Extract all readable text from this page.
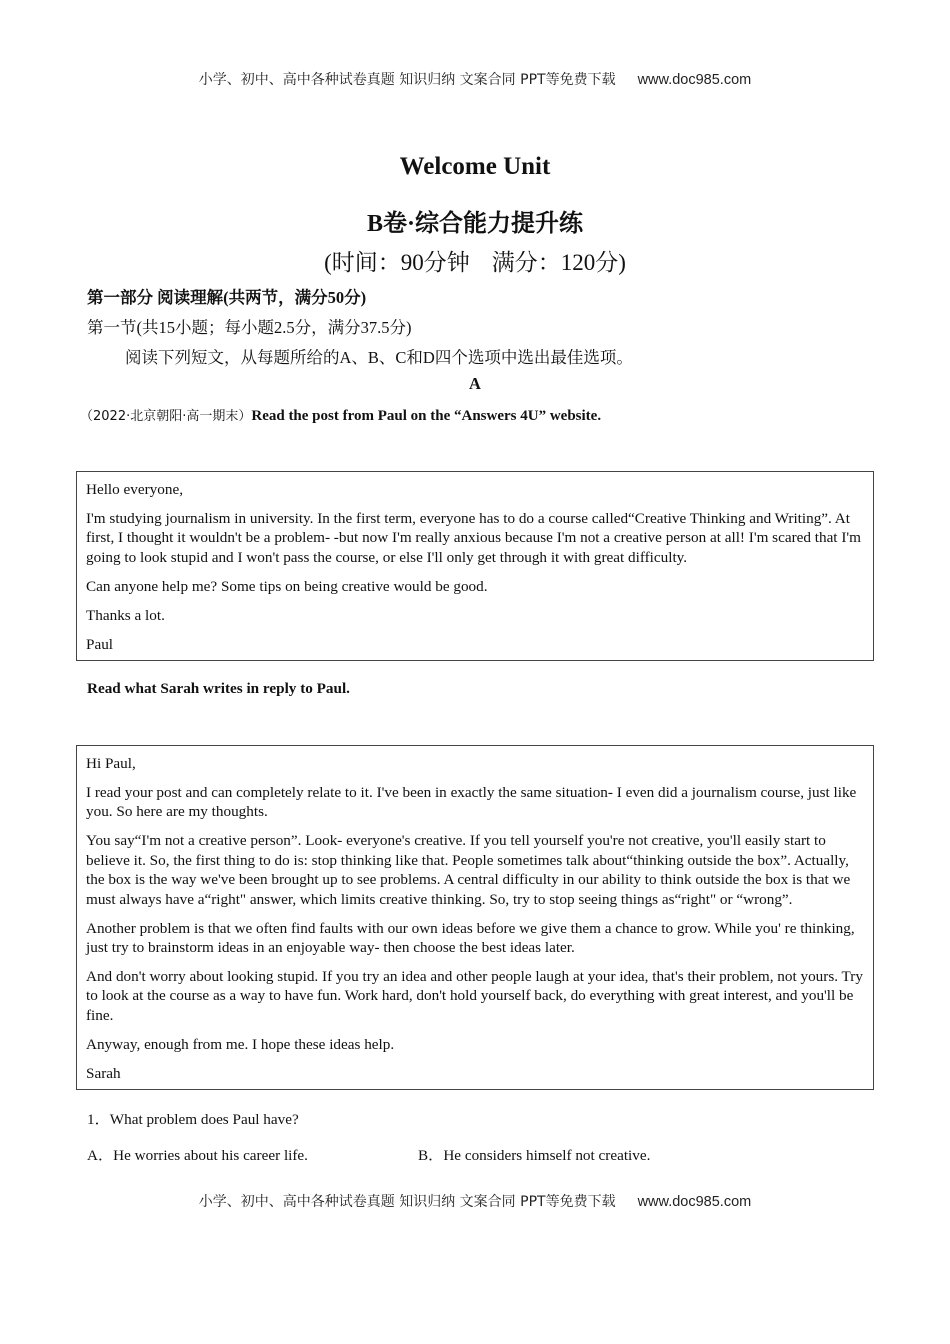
小学、初中、高中各种试卷真题 知识归纳 文案合同 PPT等免费下载 www.doc985.com
Welcome Unit
B卷·综合能力提升练
(时间：90分钟 满分：120分)
第一部分 阅读理解(共两节，满分50分)
第一节(共15小题；每小题2.5分，满分37.5分)
阅读下列短文，从每题所给的A、B、C和D四个选项中选出最佳选项。
A
（2022·北京朝阳·高一期末）Read the post from Paul on the “Answers 4U” website.

Hello everyone,

I'm studying journalism in university. In the first term, everyone has to do a course called“Creative Thinking and Writing”. At first, I thought it wouldn't be a problem- -but now I'm really anxious because I'm not a creative person at all! I'm scared that I'm going to look stupid and I won't pass the course, or else I'll only get through it with great difficulty.

Can anyone help me? Some tips on being creative would be good.

Thanks a lot.

Paul

Read what Sarah writes in reply to Paul.

Hi Paul,

I read your post and can completely relate to it. I've been in exactly the same situation- I even did a journalism course, just like you. So here are my thoughts.

You say“I'm not a creative person”. Look- everyone's creative. If you tell yourself you're not creative, you'll easily start to believe it. So, the first thing to do is: stop thinking like that. People sometimes talk about“thinking outside the box”. Actually, the box is the way we've been brought up to see problems. A central difficulty in our ability to think outside the box is that we must always have a“right" answer, which limits creative thinking. So, try to stop seeing things as“right" or “wrong”.

Another problem is that we often find faults with our own ideas before we give them a chance to grow. While you' re thinking, just try to brainstorm ideas in an enjoyable way- then choose the best ideas later.

And don't worry about looking stupid. If you try an idea and other people laugh at your idea, that's their problem, not yours. Try to look at the course as a way to have fun. Work hard, don't hold yourself back, do everything with great interest, and you'll be fine.

Anyway, enough from me. I hope these ideas help.

Sarah

1．What problem does Paul have?
A．He worries about his career life.	B．He considers himself not creative.
小学、初中、高中各种试卷真题 知识归纳 文案合同 PPT等免费下载 www.doc985.com
